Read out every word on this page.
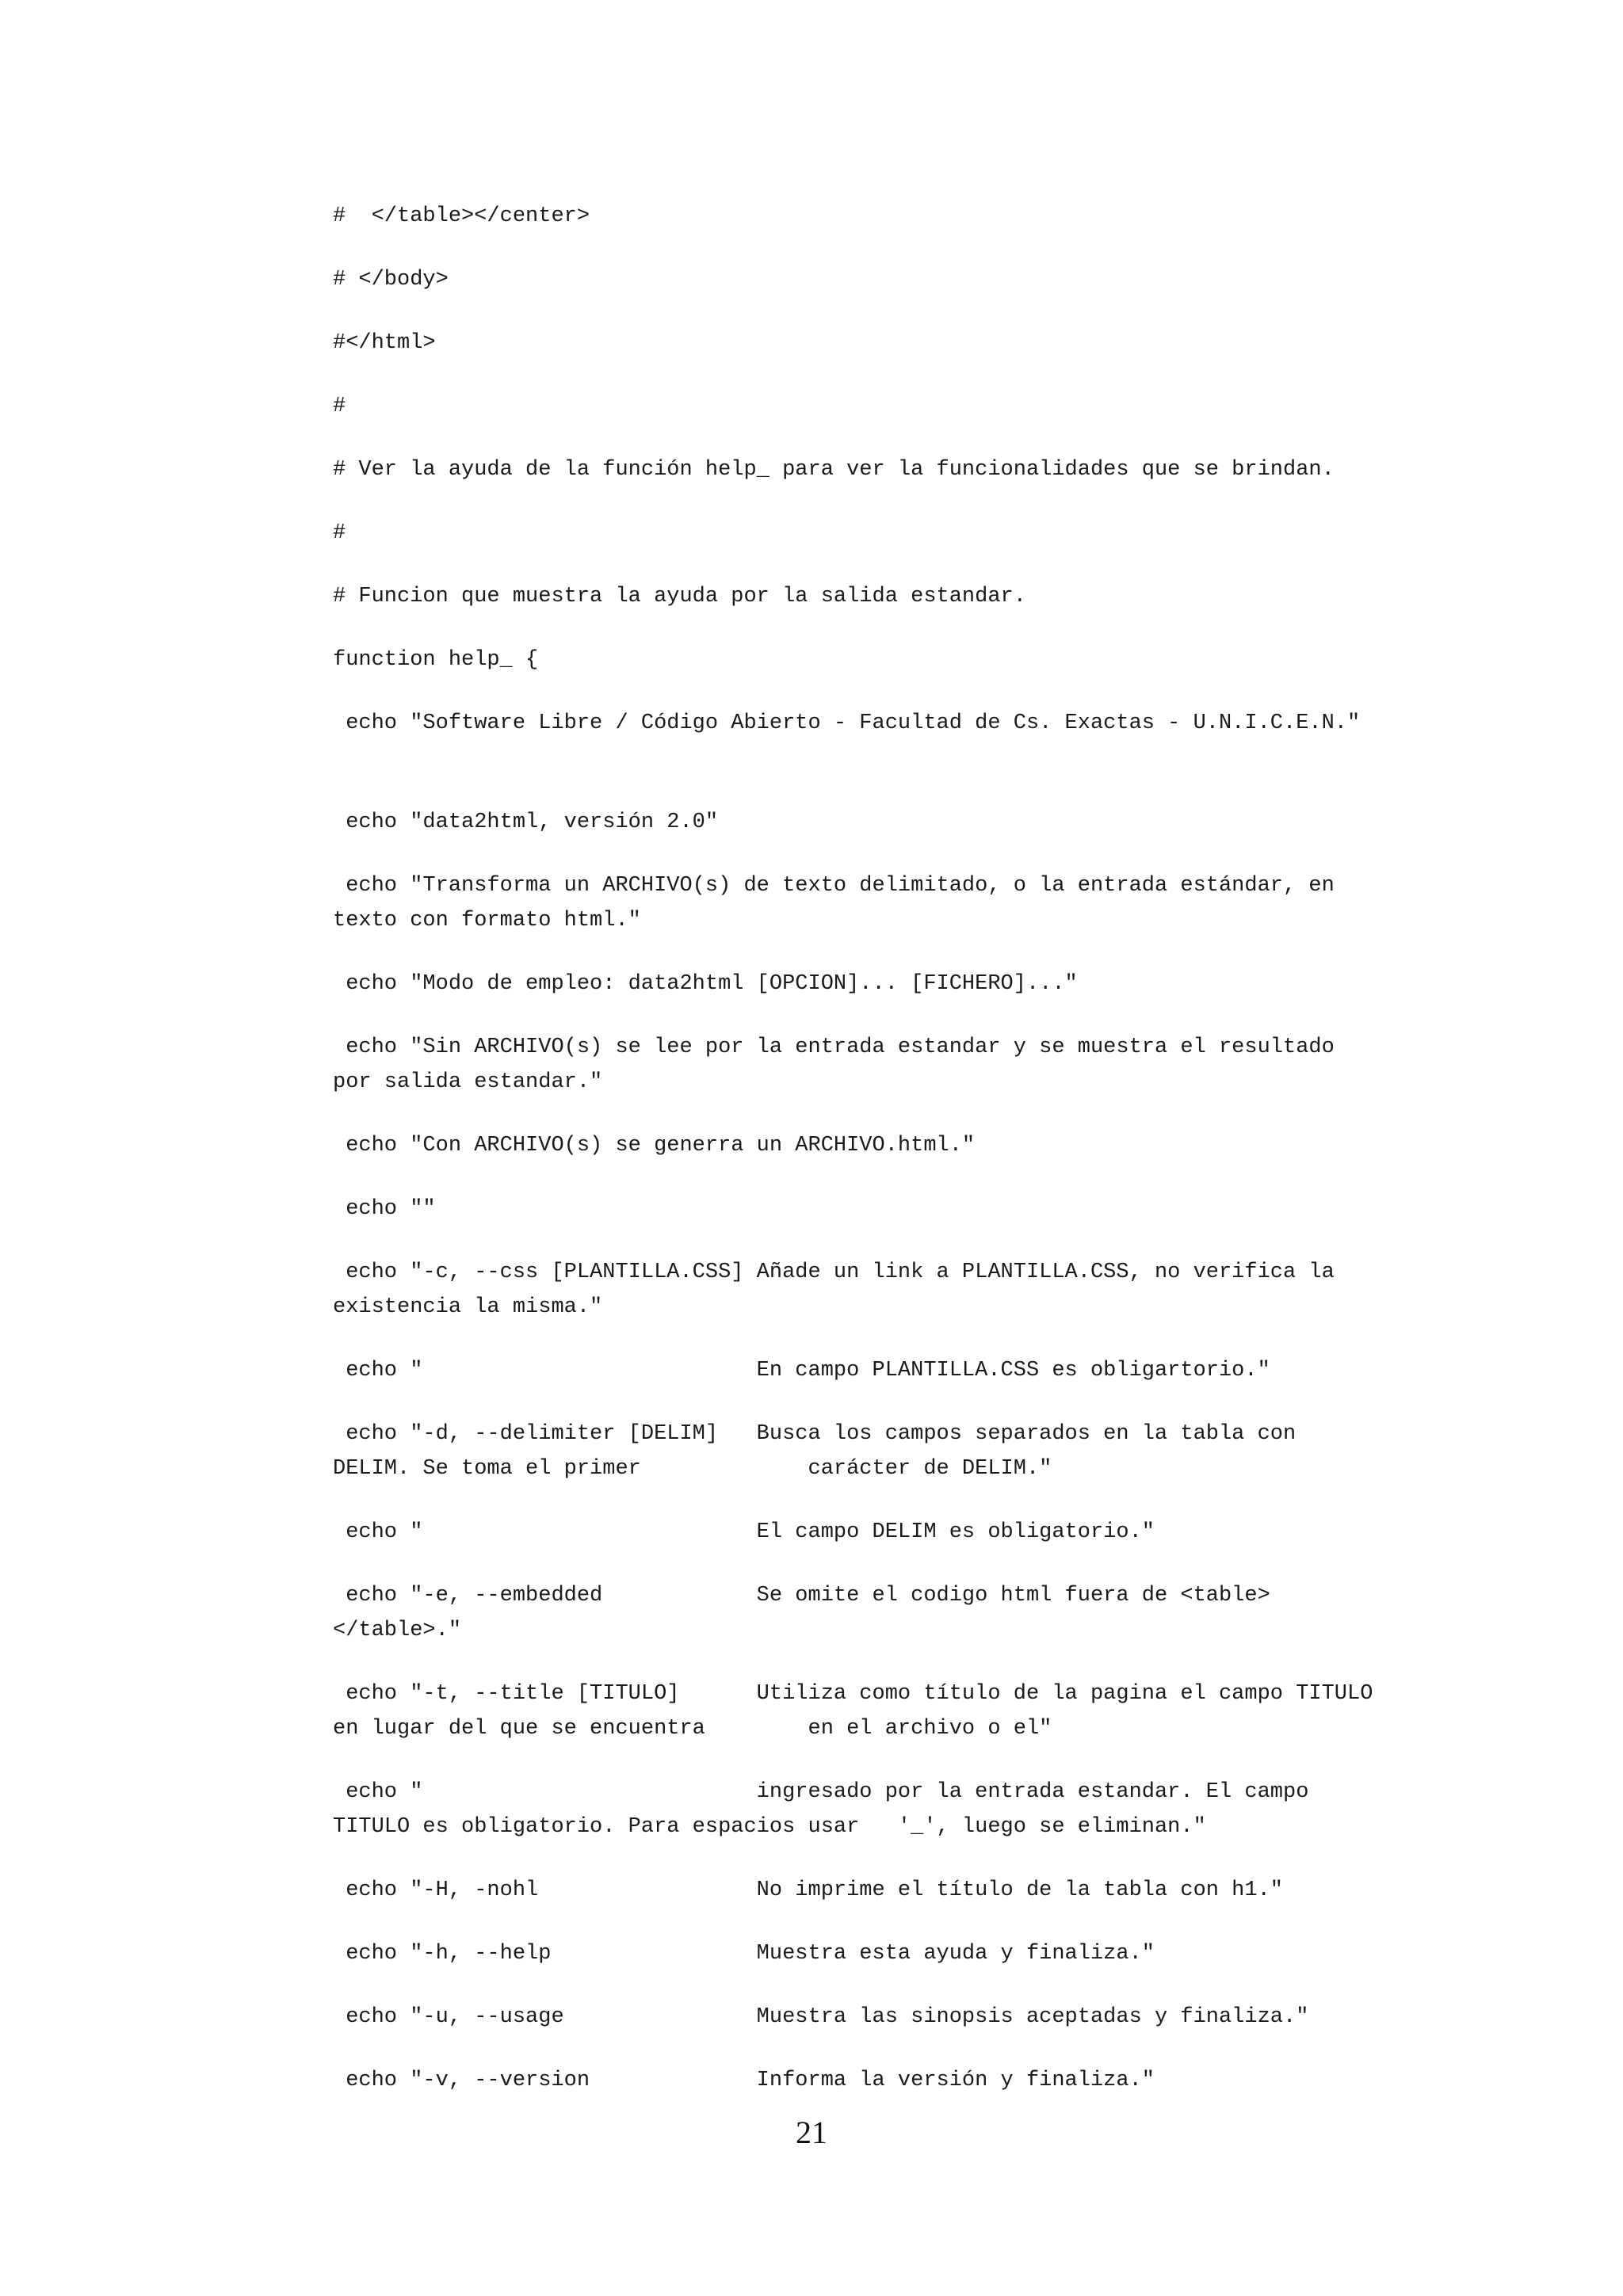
#  </table></center>
# </body>
#</html>
#
# Ver la ayuda de la función help_ para ver la funcionalidades que se brindan.
#
# Funcion que muestra la ayuda por la salida estandar.
function help_ {
echo "Software Libre / Código Abierto - Facultad de Cs. Exactas - U.N.I.C.E.N."
echo "data2html, versión 2.0"
echo "Transforma un ARCHIVO(s) de texto delimitado, o la entrada estándar, en
texto con formato html."
echo "Modo de empleo: data2html [OPCION]... [FICHERO]..."
echo "Sin ARCHIVO(s) se lee por la entrada estandar y se muestra el resultado
por salida estandar."
echo "Con ARCHIVO(s) se generra un ARCHIVO.html."
echo ""
echo "-c, --css [PLANTILLA.CSS] Añade un link a PLANTILLA.CSS, no verifica la
existencia la misma."
echo "                          En campo PLANTILLA.CSS es obligartorio."
echo "-d, --delimiter [DELIM]   Busca los campos separados en la tabla con
DELIM. Se toma el primer             carácter de DELIM."
echo "                          El campo DELIM es obligatorio."
echo "-e, --embedded            Se omite el codigo html fuera de <table>
</table>."
echo "-t, --title [TITULO]      Utiliza como título de la pagina el campo TITULO
en lugar del que se encuentra        en el archivo o el"
echo "                          ingresado por la entrada estandar. El campo
TITULO es obligatorio. Para espacios usar   '_', luego se eliminan."
echo "-H, -nohl                 No imprime el título de la tabla con h1."
echo "-h, --help                Muestra esta ayuda y finaliza."
echo "-u, --usage               Muestra las sinopsis aceptadas y finaliza."
echo "-v, --version             Informa la versión y finaliza."
21
